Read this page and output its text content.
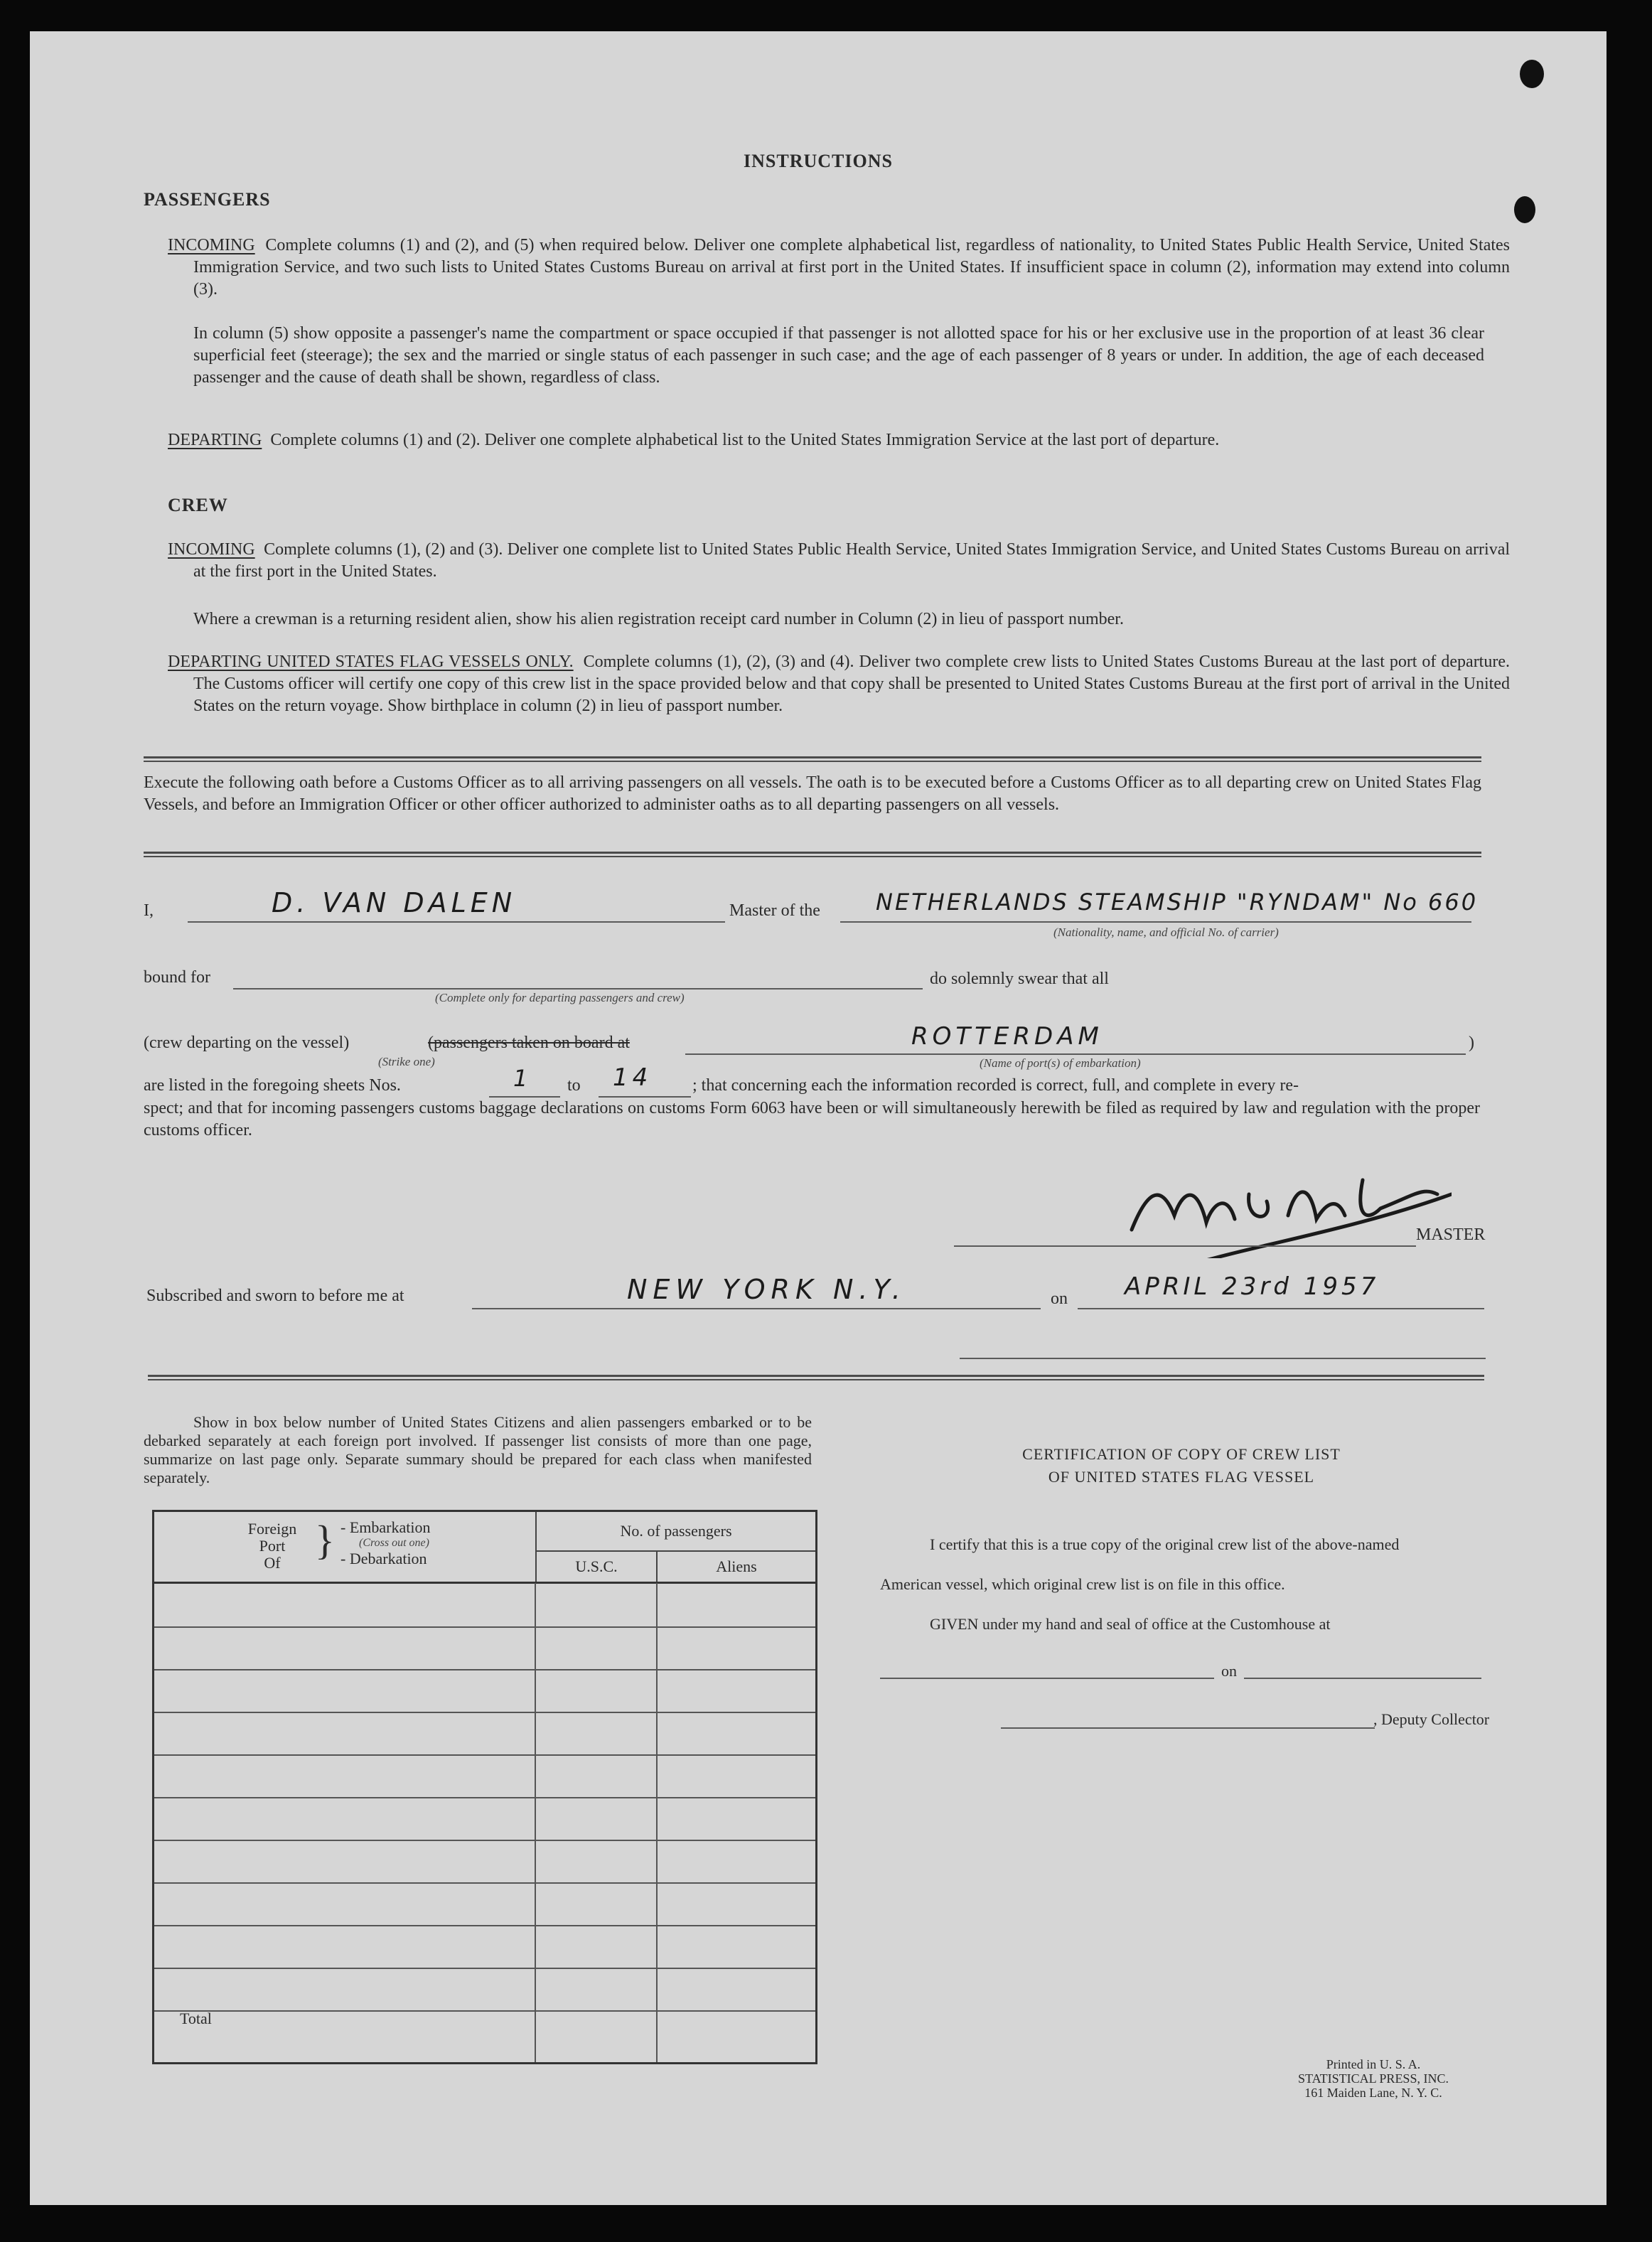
INSTRUCTIONS
PASSENGERS

INCOMING Complete columns (1) and (2), and (5) when required below. Deliver one complete alphabetical list, regardless of nationality, to United States Public Health Service, United States Immigration Service, and two such lists to United States Customs Bureau on arrival at first port in the United States. If insufficient space in column (2), information may extend into column (3).

In column (5) show opposite a passenger's name the compartment or space occupied if that passenger is not allotted space for his or her exclusive use in the proportion of at least 36 clear superficial feet (steerage); the sex and the married or single status of each passenger in such case; and the age of each passenger of 8 years or under. In addition, the age of each deceased passenger and the cause of death shall be shown, regardless of class.

DEPARTING Complete columns (1) and (2). Deliver one complete alphabetical list to the United States Immigration Service at the last port of departure.

CREW

INCOMING Complete columns (1), (2) and (3). Deliver one complete list to United States Public Health Service, United States Immigration Service, and United States Customs Bureau on arrival at the first port in the United States.

Where a crewman is a returning resident alien, show his alien registration receipt card number in Column (2) in lieu of passport number.

DEPARTING UNITED STATES FLAG VESSELS ONLY. Complete columns (1), (2), (3) and (4). Deliver two complete crew lists to United States Customs Bureau at the last port of departure. The Customs officer will certify one copy of this crew list in the space provided below and that copy shall be presented to United States Customs Bureau at the first port of arrival in the United States on the return voyage. Show birthplace in column (2) in lieu of passport number.

Execute the following oath before a Customs Officer as to all arriving passengers on all vessels. The oath is to be executed before a Customs Officer as to all departing crew on United States Flag Vessels, and before an Immigration Officer or other officer authorized to administer oaths as to all departing passengers on all vessels.

I,	D. VAN DALEN	Master of the NETHERLANDS STEAMSHIP "RYNDAM" No 660
(Nationality, name, and official No. of carrier)
bound for
(Complete only for departing passengers and crew)
do solemnly swear that all
(crew departing on the vessel)
(Strike one)
(passengers taken on board at	ROTTERDAM
(Name of port(s) of embarkation)
)
are listed in the foregoing sheets Nos.	1 to 14 ; that concerning each the information recorded is correct, full, and complete in every re-

spect; and that for incoming passengers customs baggage declarations on customs Form 6063 have been or will simultaneously herewith be filed as required by law and regulation with the proper customs officer.

MASTER
Subscribed and sworn to before me at	NEW YORK N.Y.	on APRIL 23rd 1957

Show in box below number of United States Citizens and alien passengers embarked or to be debarked separately at each foreign port involved. If passenger list consists of more than one page, summarize on last page only. Separate summary should be prepared for each class when manifested separately.

Foreign
Port
Of } - Embarkation
(Cross out one)
- Debarkation
No. of passengers
U.S.C.	Aliens
Total
CERTIFICATION OF COPY OF CREW LIST
OF UNITED STATES FLAG VESSEL
I certify that this is a true copy of the original crew list of the above-named
American vessel, which original crew list is on file in this office.
GIVEN under my hand and seal of office at the Customhouse at
on
, Deputy Collector
Printed in U. S. A.
STATISTICAL PRESS, INC.
161 Maiden Lane, N. Y. C.
